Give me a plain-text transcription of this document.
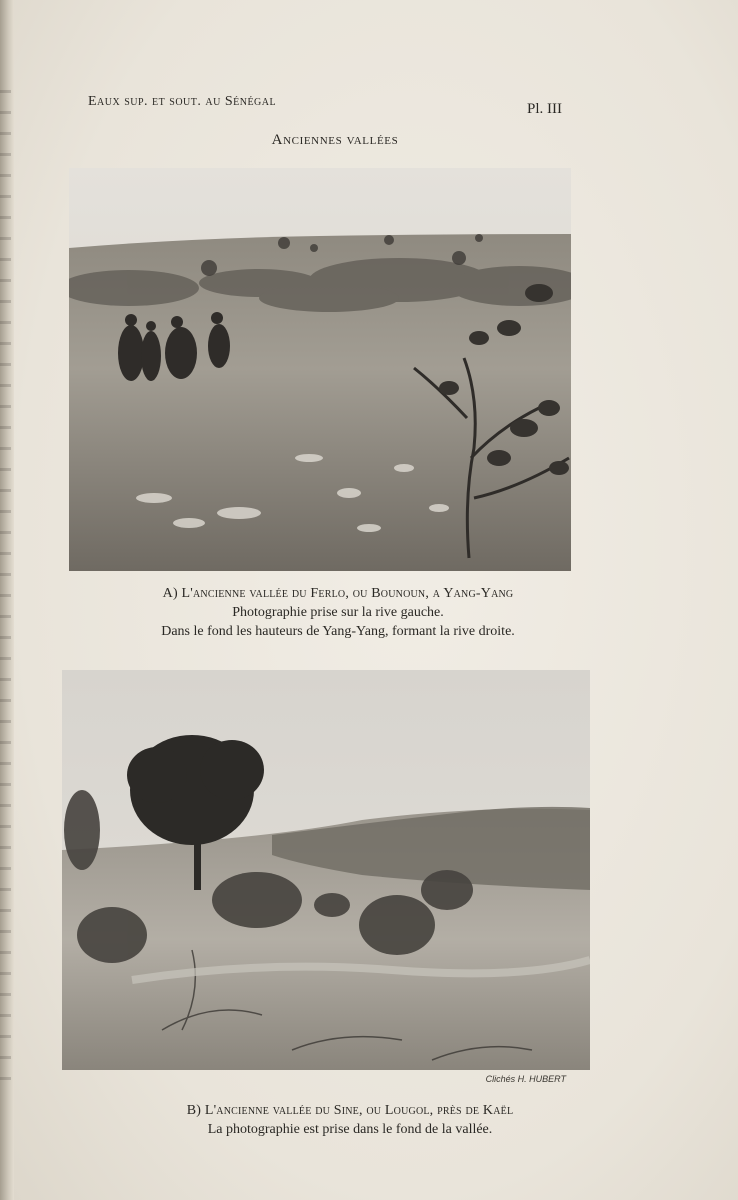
Eaux sup. et sout. au Sénégal	Pl. III
Anciennes vallées
A) L'ancienne vallée du Ferlo, ou Bounoun, a Yang-Yang
Photographie prise sur la rive gauche.
Dans le fond les hauteurs de Yang-Yang, formant la rive droite.
Clichés H. HUBERT
B) L'ancienne vallée du Sine, ou Lougol, près de Kaël
La photographie est prise dans le fond de la vallée.
